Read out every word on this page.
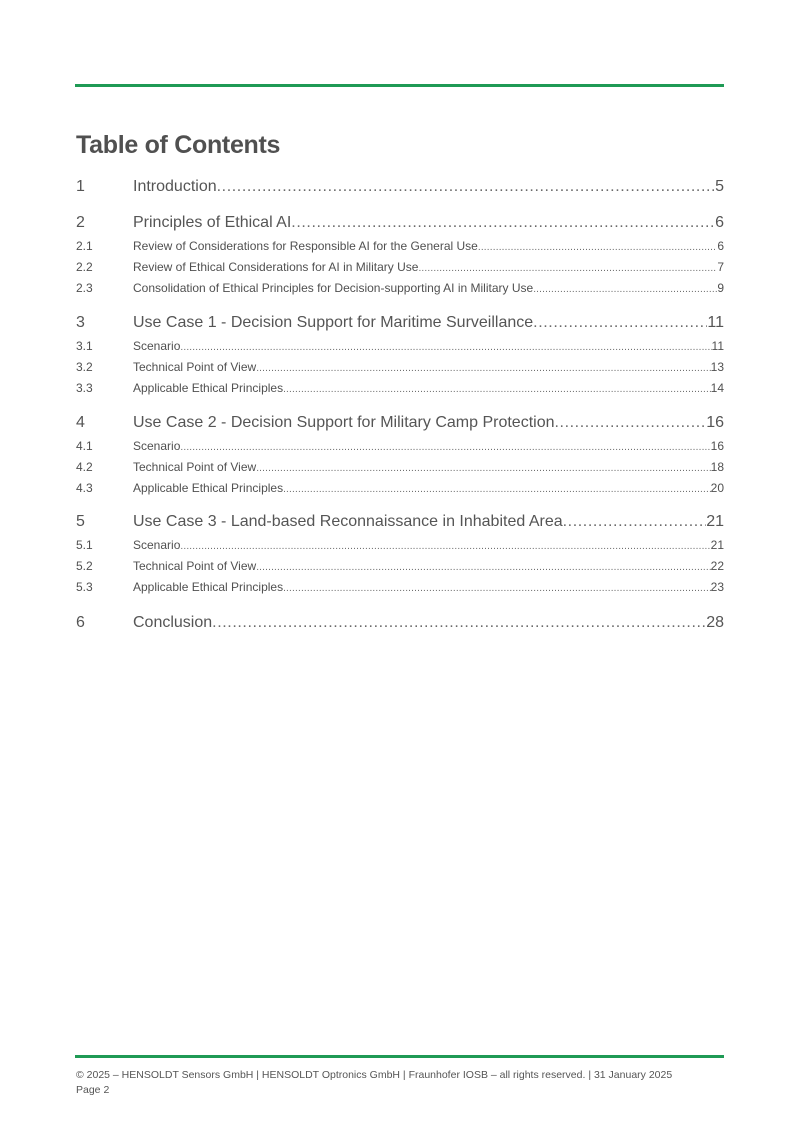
Table of Contents
1	Introduction .....	5
2	Principles of Ethical AI .....	6
2.1	Review of Considerations for Responsible AI for the General Use .....	6
2.2	Review of Ethical Considerations for AI in Military Use .....	7
2.3	Consolidation of Ethical Principles for Decision-supporting AI in Military Use .....	9
3	Use Case 1 - Decision Support for Maritime Surveillance .....	11
3.1	Scenario .....	11
3.2	Technical Point of View .....	13
3.3	Applicable Ethical Principles .....	14
4	Use Case 2 - Decision Support for Military Camp Protection .....	16
4.1	Scenario .....	16
4.2	Technical Point of View .....	18
4.3	Applicable Ethical Principles .....	20
5	Use Case 3 - Land-based Reconnaissance in Inhabited Area .....	21
5.1	Scenario .....	21
5.2	Technical Point of View .....	22
5.3	Applicable Ethical Principles .....	23
6	Conclusion .....	28
© 2025 – HENSOLDT Sensors GmbH | HENSOLDT Optronics GmbH | Fraunhofer IOSB – all rights reserved. | 31 January 2025
Page 2
